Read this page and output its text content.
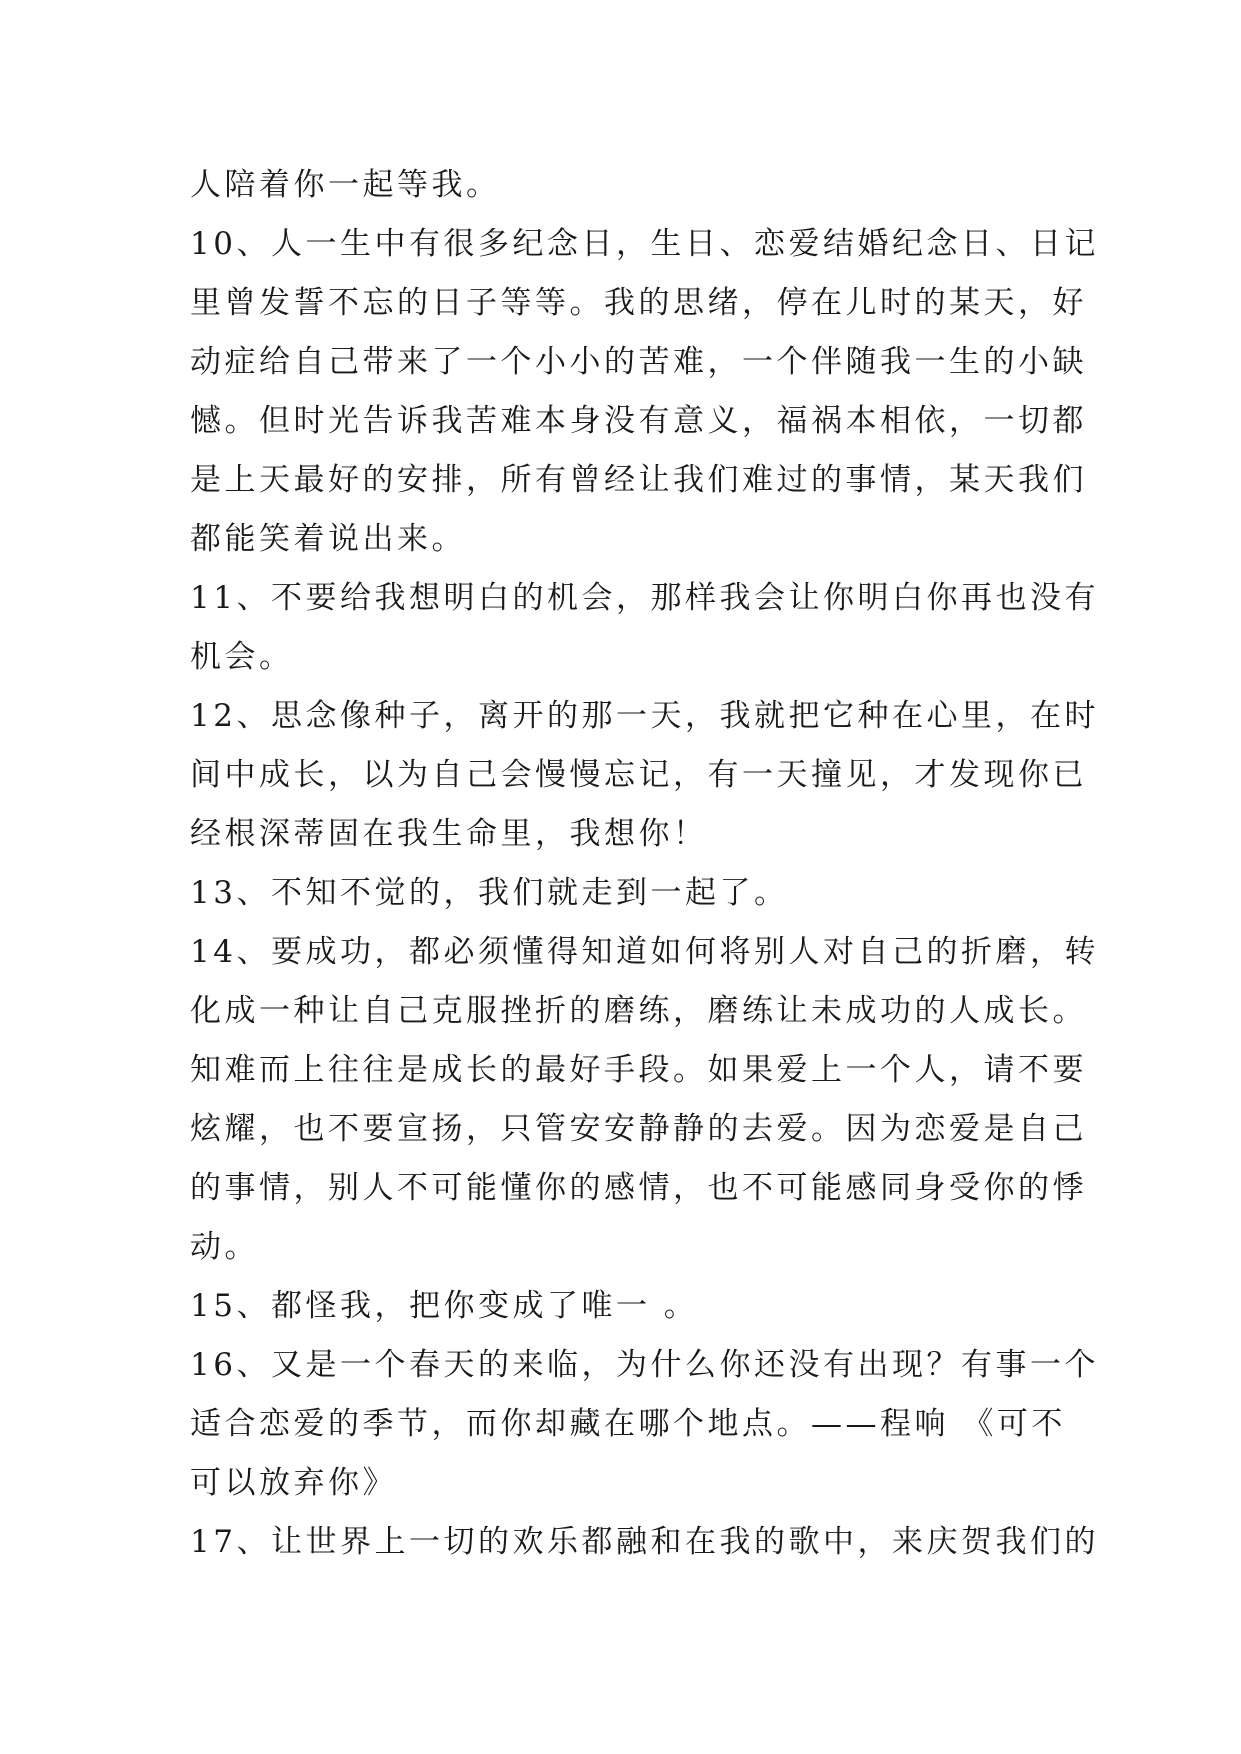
人陪着你一起等我。
10、人一生中有很多纪念日，生日、恋爱结婚纪念日、日记
里曾发誓不忘的日子等等。我的思绪，停在儿时的某天，好
动症给自己带来了一个小小的苦难，一个伴随我一生的小缺
憾。但时光告诉我苦难本身没有意义，福祸本相依，一切都
是上天最好的安排，所有曾经让我们难过的事情，某天我们
都能笑着说出来。
11、不要给我想明白的机会，那样我会让你明白你再也没有
机会。
12、思念像种子，离开的那一天，我就把它种在心里，在时
间中成长，以为自己会慢慢忘记，有一天撞见，才发现你已
经根深蒂固在我生命里，我想你！
13、不知不觉的，我们就走到一起了。
14、要成功，都必须懂得知道如何将别人对自己的折磨，转
化成一种让自己克服挫折的磨练，磨练让未成功的人成长。
知难而上往往是成长的最好手段。如果爱上一个人，请不要
炫耀，也不要宣扬，只管安安静静的去爱。因为恋爱是自己
的事情，别人不可能懂你的感情，也不可能感同身受你的悸
动。
15、都怪我，把你变成了唯一 。
16、又是一个春天的来临，为什么你还没有出现？有事一个
适合恋爱的季节，而你却藏在哪个地点。——程响 《可不
可以放弃你》
17、让世界上一切的欢乐都融和在我的歌中，来庆贺我们的
